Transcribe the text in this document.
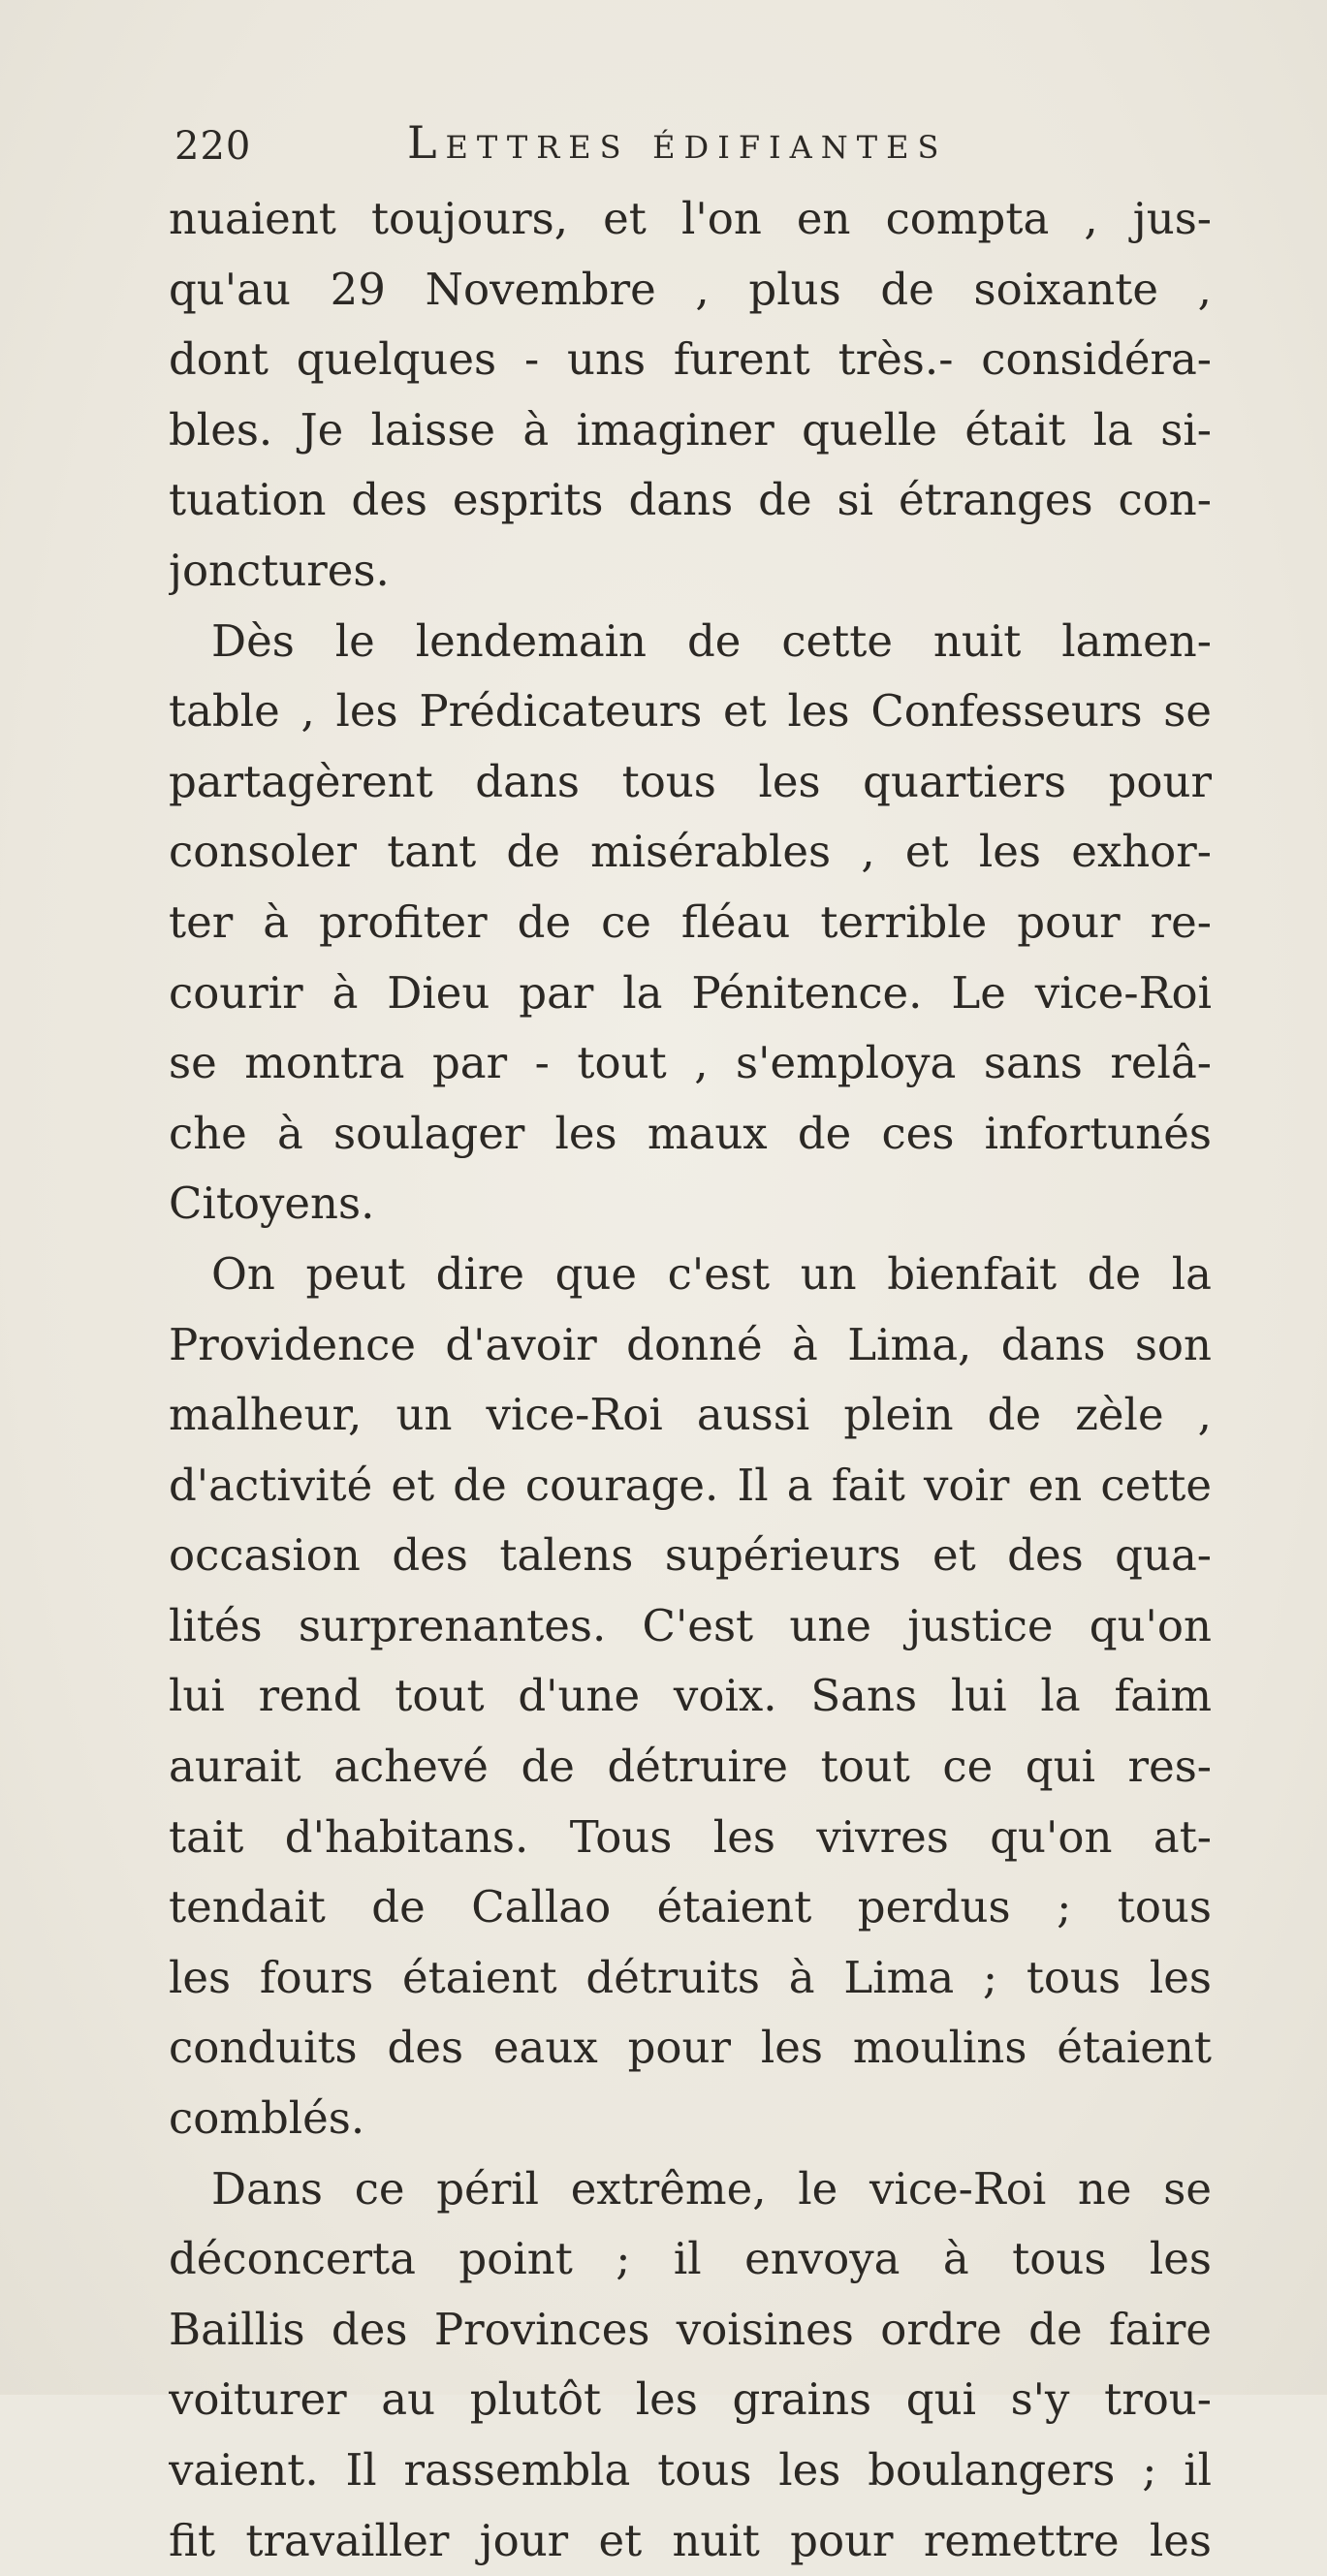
220	Lettres édifiantes
nuaient toujours, et l'on en compta , jus-
qu'au 29 Novembre , plus de soixante ,
dont quelques - uns furent très.- considéra-
bles. Je laisse à imaginer quelle était la si-
tuation des esprits dans de si étranges con-
jonctures.
Dès le lendemain de cette nuit lamen-
table , les Prédicateurs et les Confesseurs se
partagèrent dans tous les quartiers pour
consoler tant de misérables , et les exhor-
ter à profiter de ce fléau terrible pour re-
courir à Dieu par la Pénitence. Le vice-Roi
se montra par - tout , s'employa sans relâ-
che à soulager les maux de ces infortunés
Citoyens.
On peut dire que c'est un bienfait de la
Providence d'avoir donné à Lima, dans son
malheur, un vice-Roi aussi plein de zèle ,
d'activité et de courage. Il a fait voir en cette
occasion des talens supérieurs et des qua-
lités surprenantes. C'est une justice qu'on
lui rend tout d'une voix. Sans lui la faim
aurait achevé de détruire tout ce qui res-
tait d'habitans. Tous les vivres qu'on at-
tendait de Callao étaient perdus ; tous
les fours étaient détruits à Lima ; tous les
conduits des eaux pour les moulins étaient
comblés.
Dans ce péril extrême, le vice-Roi ne se
déconcerta point ; il envoya à tous les
Baillis des Provinces voisines ordre de faire
voiturer au plutôt les grains qui s'y trou-
vaient. Il rassembla tous les boulangers ; il
fit travailler jour et nuit pour remettre les
